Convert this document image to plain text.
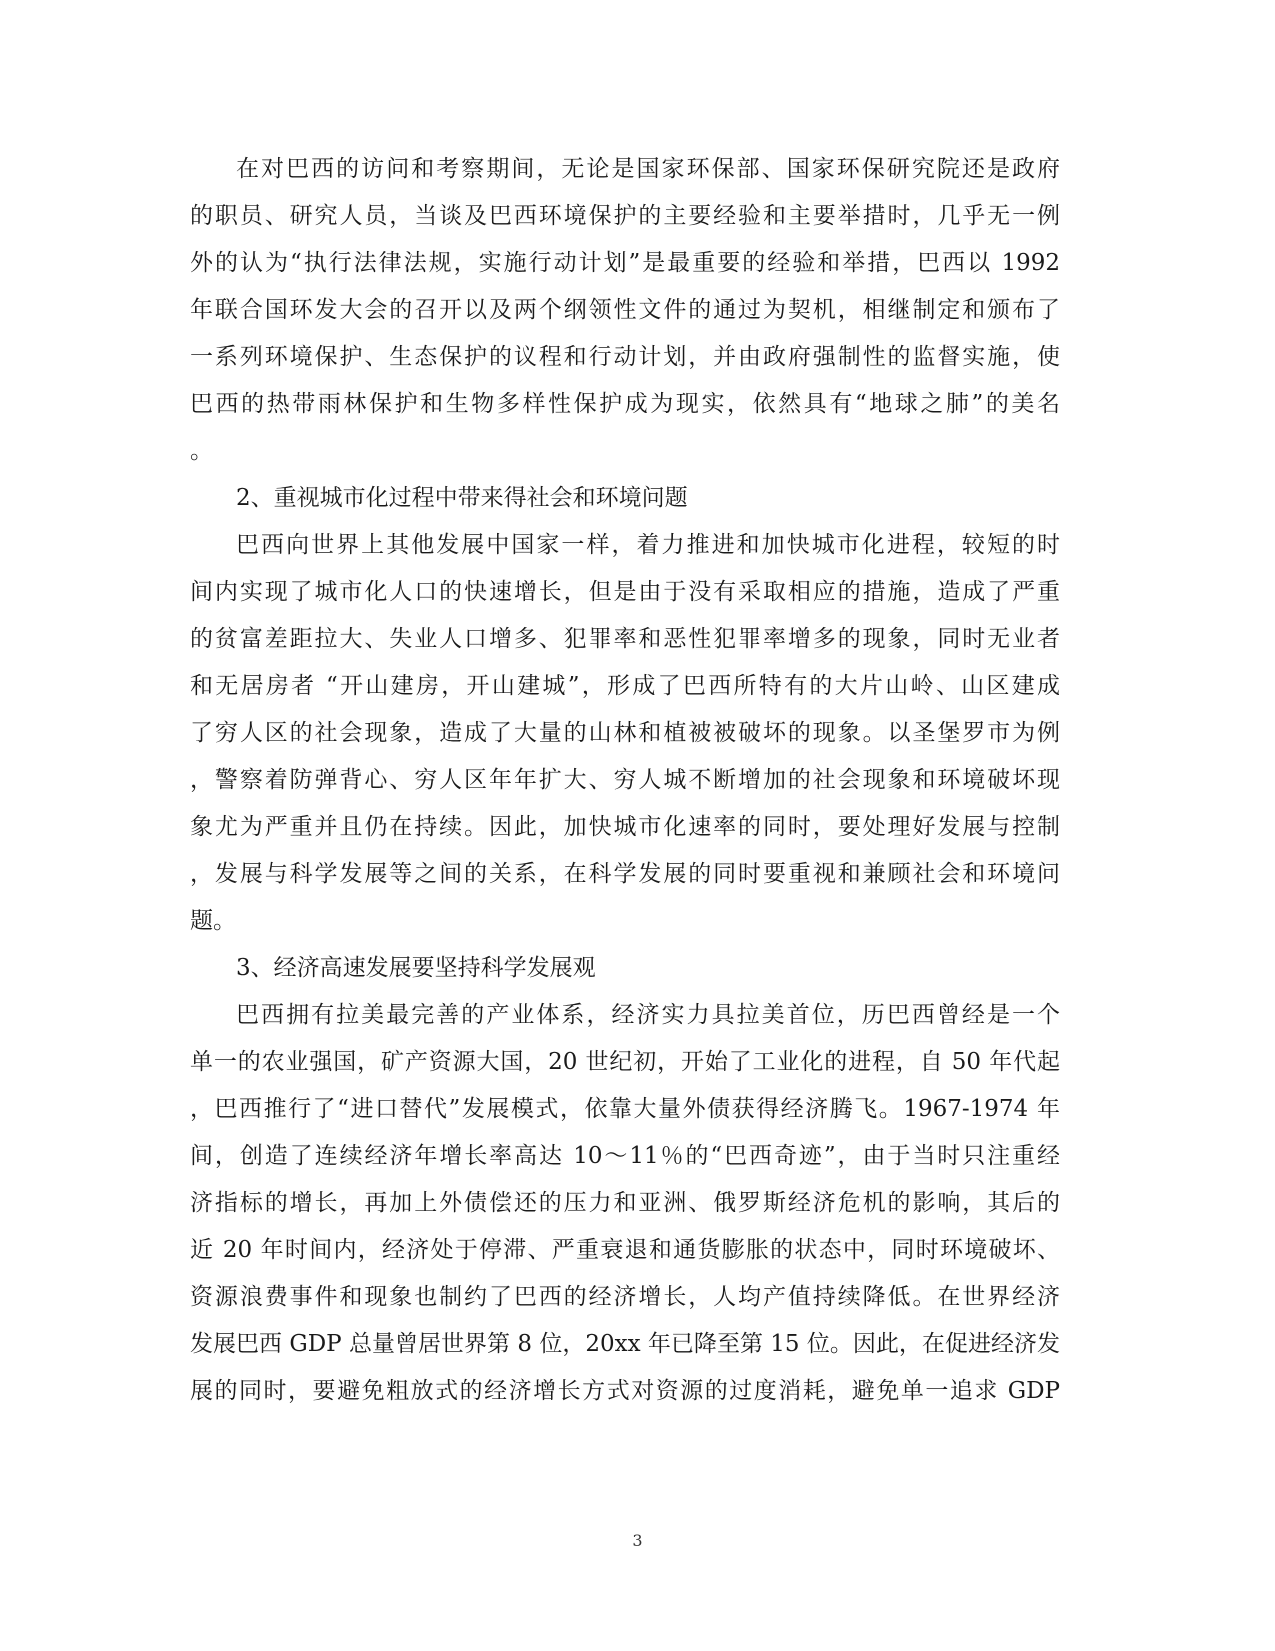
在对巴西的访问和考察期间，无论是国家环保部、国家环保研究院还是政府
的职员、研究人员，当谈及巴西环境保护的主要经验和主要举措时，几乎无一例
外的认为“执行法律法规，实施行动计划”是最重要的经验和举措，巴西以 1992
年联合国环发大会的召开以及两个纲领性文件的通过为契机，相继制定和颁布了
一系列环境保护、生态保护的议程和行动计划，并由政府强制性的监督实施，使
巴西的热带雨林保护和生物多样性保护成为现实，依然具有“地球之肺”的美名
。
2、重视城市化过程中带来得社会和环境问题
巴西向世界上其他发展中国家一样，着力推进和加快城市化进程，较短的时
间内实现了城市化人口的快速增长，但是由于没有采取相应的措施，造成了严重
的贫富差距拉大、失业人口增多、犯罪率和恶性犯罪率增多的现象，同时无业者
和无居房者 “开山建房，开山建城”，形成了巴西所特有的大片山岭、山区建成
了穷人区的社会现象，造成了大量的山林和植被被破坏的现象。以圣堡罗市为例
，警察着防弹背心、穷人区年年扩大、穷人城不断增加的社会现象和环境破坏现
象尤为严重并且仍在持续。因此，加快城市化速率的同时，要处理好发展与控制
，发展与科学发展等之间的关系，在科学发展的同时要重视和兼顾社会和环境问
题。
3、经济高速发展要坚持科学发展观
巴西拥有拉美最完善的产业体系，经济实力具拉美首位，历巴西曾经是一个
单一的农业强国，矿产资源大国，20 世纪初，开始了工业化的进程，自 50 年代起
，巴西推行了“进口替代”发展模式，依靠大量外债获得经济腾飞。1967-1974 年
间，创造了连续经济年增长率高达 10～11％的“巴西奇迹”，由于当时只注重经
济指标的增长，再加上外债偿还的压力和亚洲、俄罗斯经济危机的影响，其后的
近 20 年时间内，经济处于停滞、严重衰退和通货膨胀的状态中，同时环境破坏、
资源浪费事件和现象也制约了巴西的经济增长，人均产值持续降低。在世界经济
发展巴西 GDP 总量曾居世界第 8 位，20xx 年已降至第 15 位。因此，在促进经济发
展的同时，要避免粗放式的经济增长方式对资源的过度消耗，避免单一追求 GDP
3
